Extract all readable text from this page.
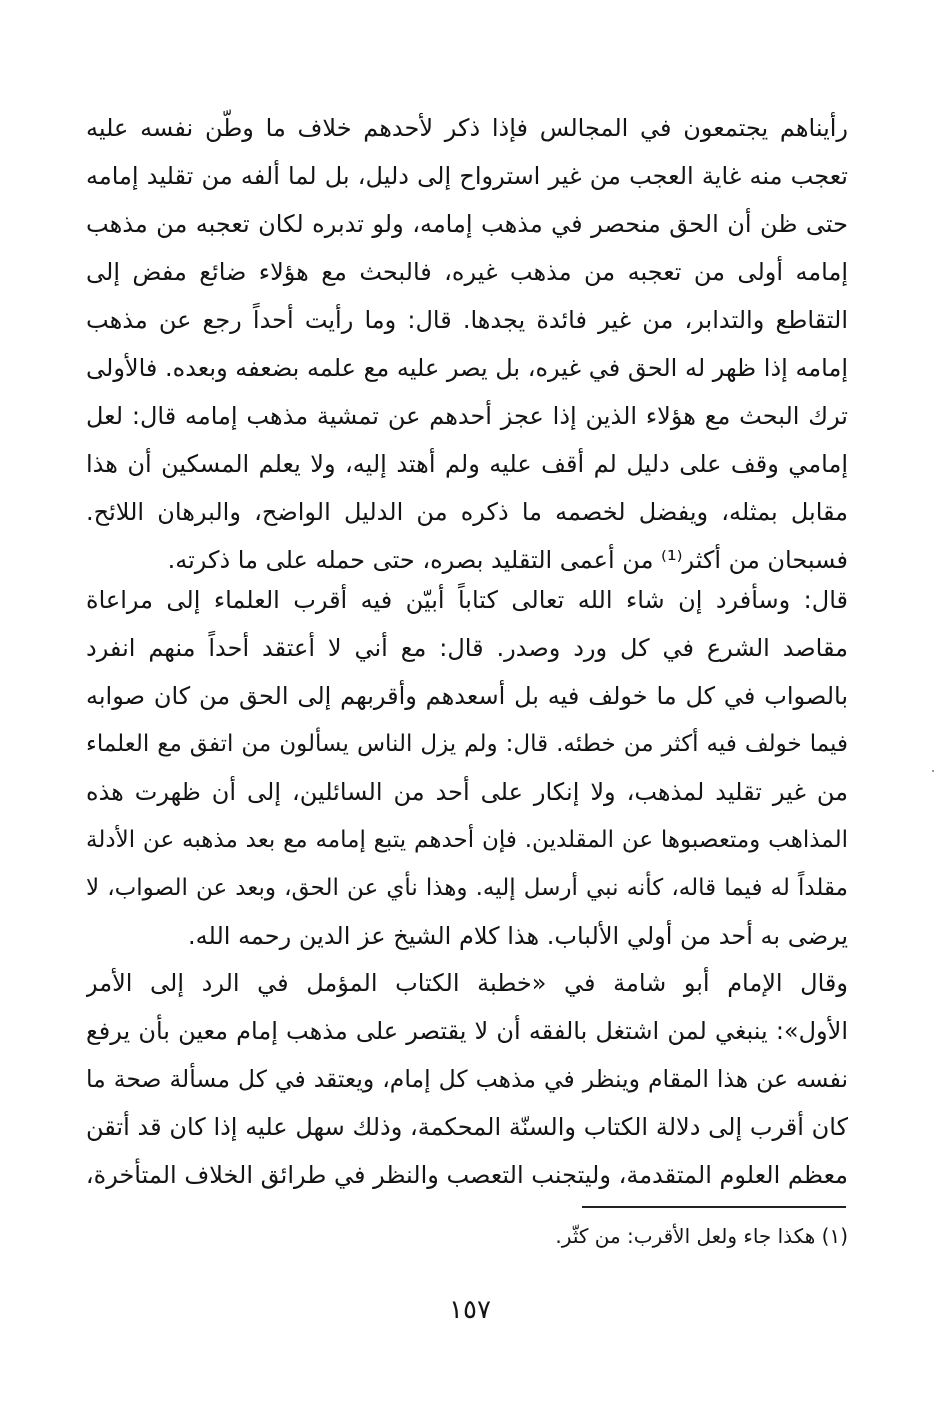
رأيناهم يجتمعون في المجالس فإذا ذكر لأحدهم خلاف ما وطّن نفسه عليه
تعجب منه غاية العجب من غير استرواح إلى دليل، بل لما ألفه من تقليد إمامه
حتى ظن أن الحق منحصر في مذهب إمامه، ولو تدبره لكان تعجبه من مذهب
إمامه أولى من تعجبه من مذهب غيره، فالبحث مع هؤلاء ضائع مفض إلى
التقاطع والتدابر، من غير فائدة يجدها. قال: وما رأيت أحداً رجع عن مذهب
إمامه إذا ظهر له الحق في غيره، بل يصر عليه مع علمه بضعفه وبعده. فالأولى
ترك البحث مع هؤلاء الذين إذا عجز أحدهم عن تمشية مذهب إمامه قال: لعل
إمامي وقف على دليل لم أقف عليه ولم أهتد إليه، ولا يعلم المسكين أن هذا
مقابل بمثله، ويفضل لخصمه ما ذكره من الدليل الواضح، والبرهان اللائح.
فسبحان من أكثر⁽¹⁾ من أعمى التقليد بصره، حتى حمله على ما ذكرته.
قال: وسأفرد إن شاء الله تعالى كتاباً أبيّن فيه أقرب العلماء إلى مراعاة
مقاصد الشرع في كل ورد وصدر. قال: مع أني لا أعتقد أحداً منهم انفرد
بالصواب في كل ما خولف فيه بل أسعدهم وأقربهم إلى الحق من كان صوابه
فيما خولف فيه أكثر من خطئه. قال: ولم يزل الناس يسألون من اتفق مع العلماء
من غير تقليد لمذهب، ولا إنكار على أحد من السائلين، إلى أن ظهرت هذه
المذاهب ومتعصبوها عن المقلدين. فإن أحدهم يتبع إمامه مع بعد مذهبه عن الأدلة
مقلداً له فيما قاله، كأنه نبي أرسل إليه. وهذا نأي عن الحق، وبعد عن الصواب، لا
يرضى به أحد من أولي الألباب. هذا كلام الشيخ عز الدين رحمه الله.
وقال الإمام أبو شامة في «خطبة الكتاب المؤمل في الرد إلى الأمر
الأول»: ينبغي لمن اشتغل بالفقه أن لا يقتصر على مذهب إمام معين بأن يرفع
نفسه عن هذا المقام وينظر في مذهب كل إمام، ويعتقد في كل مسألة صحة ما
كان أقرب إلى دلالة الكتاب والسنّة المحكمة، وذلك سهل عليه إذا كان قد أتقن
معظم العلوم المتقدمة، وليتجنب التعصب والنظر في طرائق الخلاف المتأخرة،
(١) هكذا جاء ولعل الأقرب: من كثّر.
١٥٧
